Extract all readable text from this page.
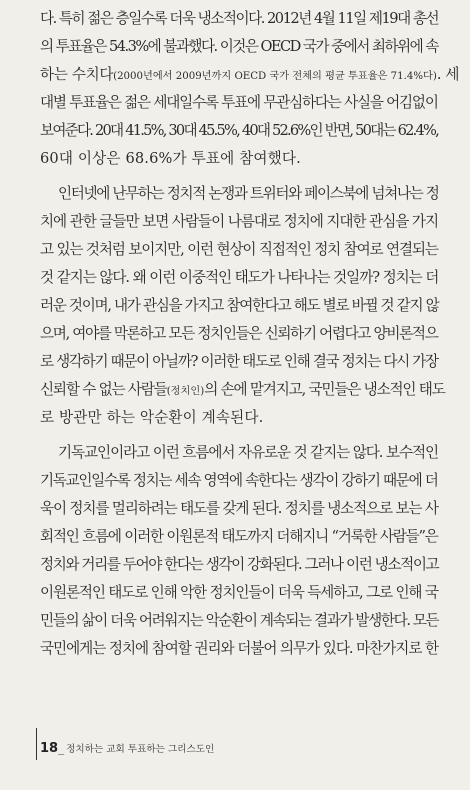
다. 특히 젊은 층일수록 더욱 냉소적이다. 2012년 4월 11일 제19대 총선
의 투표율은 54.3%에 불과했다. 이것은 OECD 국가 중에서 최하위에 속
하는 수치다(2000년에서 2009년까지 OECD 국가 전체의 평균 투표율은 71.4%다). 세
대별 투표율은 젊은 세대일수록 투표에 무관심하다는 사실을 어김없이
보여준다. 20대 41.5%, 30대 45.5%, 40대 52.6%인 반면, 50대는 62.4%,
60대 이상은 68.6%가 투표에 참여했다.
인터넷에 난무하는 정치적 논쟁과 트위터와 페이스북에 넘쳐나는 정
치에 관한 글들만 보면 사람들이 나름대로 정치에 지대한 관심을 가지
고 있는 것처럼 보이지만, 이런 현상이 직접적인 정치 참여로 연결되는
것 같지는 않다. 왜 이런 이중적인 태도가 나타나는 것일까? 정치는 더
러운 것이며, 내가 관심을 가지고 참여한다고 해도 별로 바뀔 것 같지 않
으며, 여야를 막론하고 모든 정치인들은 신뢰하기 어렵다고 양비론적으
로 생각하기 때문이 아닐까? 이러한 태도로 인해 결국 정치는 다시 가장
신뢰할 수 없는 사람들(정치인)의 손에 맡겨지고, 국민들은 냉소적인 태도
로 방관만 하는 악순환이 계속된다.
기독교인이라고 이런 흐름에서 자유로운 것 같지는 않다. 보수적인
기독교인일수록 정치는 세속 영역에 속한다는 생각이 강하기 때문에 더
욱이 정치를 멀리하려는 태도를 갖게 된다. 정치를 냉소적으로 보는 사
회적인 흐름에 이러한 이원론적 태도까지 더해지니 “거룩한 사람들”은
정치와 거리를 두어야 한다는 생각이 강화된다. 그러나 이런 냉소적이고
이원론적인 태도로 인해 악한 정치인들이 더욱 득세하고, 그로 인해 국
민들의 삶이 더욱 어려워지는 악순환이 계속되는 결과가 발생한다. 모든
국민에게는 정치에 참여할 권리와 더불어 의무가 있다. 마찬가지로 한
18 _ 정치하는 교회 투표하는 그리스도인
